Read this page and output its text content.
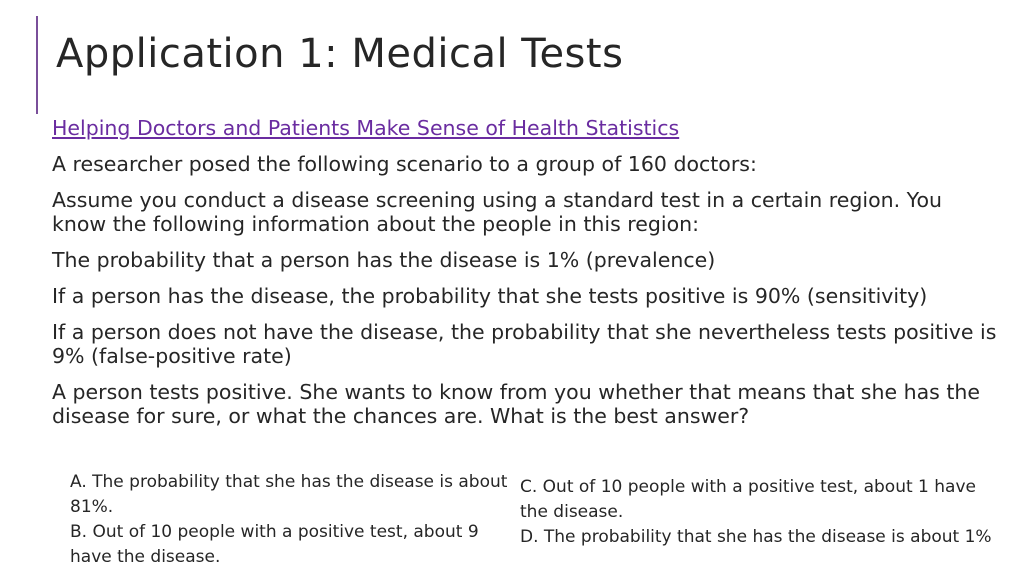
Application 1: Medical Tests

Helping Doctors and Patients Make Sense of Health Statistics

A researcher posed the following scenario to a group of 160 doctors:

Assume you conduct a disease screening using a standard test in a certain region. You know the following information about the people in this region:

The probability that a person has the disease is 1% (prevalence)

If a person has the disease, the probability that she tests positive is 90% (sensitivity)

If a person does not have the disease, the probability that she nevertheless tests positive is 9% (false-positive rate)

A person tests positive. She wants to know from you whether that means that she has the disease for sure, or what the chances are. What is the best answer?

A. The probability that she has the disease is about 81%.

B. Out of 10 people with a positive test, about 9 have the disease.

C. Out of 10 people with a positive test, about 1 have the disease.

D. The probability that she has the disease is about 1%
